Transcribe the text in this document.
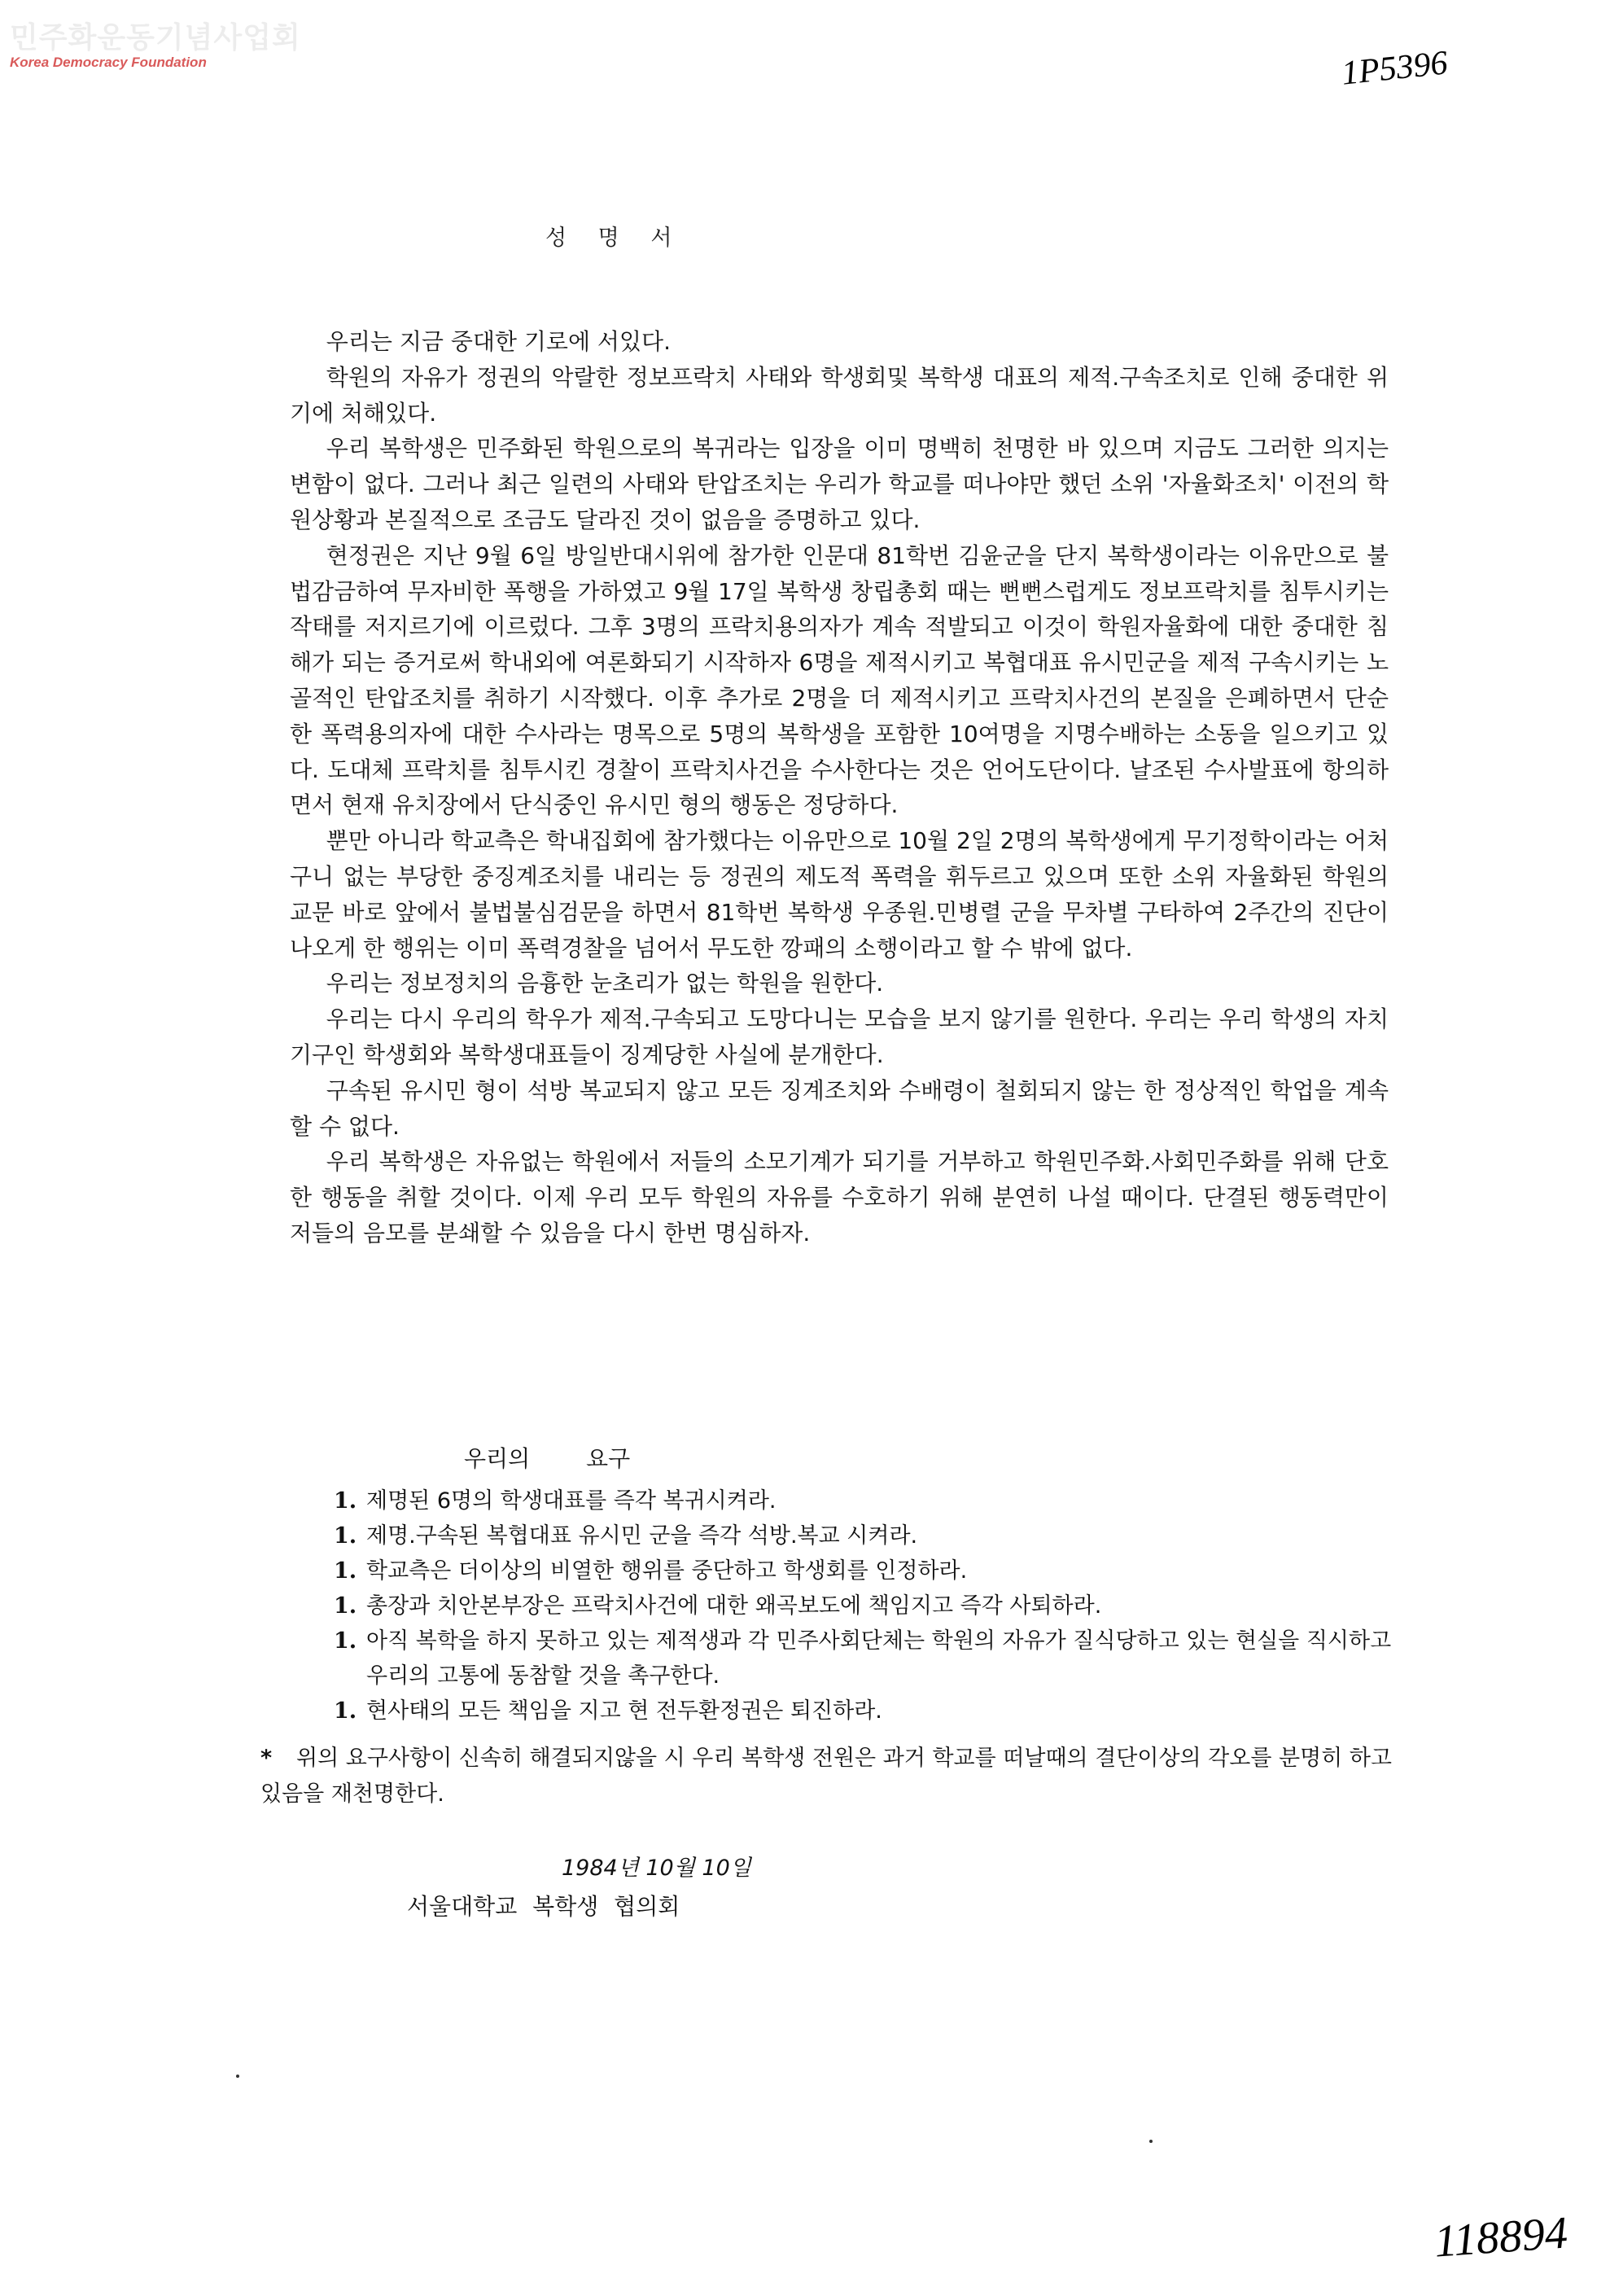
민주화운동기념사업회
Korea Democracy Foundation	1P5396
성 명 서

우리는 지금 중대한 기로에 서있다.

학원의 자유가 정권의 악랄한 정보프락치 사태와 학생회및 복학생 대표의 제적.구속조치로 인해 중대한 위기에 처해있다.

우리 복학생은 민주화된 학원으로의 복귀라는 입장을 이미 명백히 천명한 바 있으며 지금도 그러한 의지는 변함이 없다. 그러나 최근 일련의 사태와 탄압조치는 우리가 학교를 떠나야만 했던 소위 '자율화조치' 이전의 학원상황과 본질적으로 조금도 달라진 것이 없음을 증명하고 있다.

현정권은 지난 9월 6일 방일반대시위에 참가한 인문대 81학번 김윤군을 단지 복학생이라는 이유만으로 불법감금하여 무자비한 폭행을 가하였고 9월 17일 복학생 창립총회 때는 뻔뻔스럽게도 정보프락치를 침투시키는 작태를 저지르기에 이르렀다. 그후 3명의 프락치용의자가 계속 적발되고 이것이 학원자율화에 대한 중대한 침해가 되는 증거로써 학내외에 여론화되기 시작하자 6명을 제적시키고 복협대표 유시민군을 제적 구속시키는 노골적인 탄압조치를 취하기 시작했다. 이후 추가로 2명을 더 제적시키고 프락치사건의 본질을 은폐하면서 단순한 폭력용의자에 대한 수사라는 명목으로 5명의 복학생을 포함한 10여명을 지명수배하는 소동을 일으키고 있다. 도대체 프락치를 침투시킨 경찰이 프락치사건을 수사한다는 것은 언어도단이다. 날조된 수사발표에 항의하면서 현재 유치장에서 단식중인 유시민 형의 행동은 정당하다.

뿐만 아니라 학교측은 학내집회에 참가했다는 이유만으로 10월 2일 2명의 복학생에게 무기정학이라는 어처구니 없는 부당한 중징계조치를 내리는 등 정권의 제도적 폭력을 휘두르고 있으며 또한 소위 자율화된 학원의 교문 바로 앞에서 불법불심검문을 하면서 81학번 복학생 우종원.민병렬 군을 무차별 구타하여 2주간의 진단이 나오게 한 행위는 이미 폭력경찰을 넘어서 무도한 깡패의 소행이라고 할 수 밖에 없다.

우리는 정보정치의 음흉한 눈초리가 없는 학원을 원한다.

우리는 다시 우리의 학우가 제적.구속되고 도망다니는 모습을 보지 않기를 원한다. 우리는 우리 학생의 자치기구인 학생회와 복학생대표들이 징계당한 사실에 분개한다.

구속된 유시민 형이 석방 복교되지 않고 모든 징계조치와 수배령이 철회되지 않는 한 정상적인 학업을 계속할 수 없다.

우리 복학생은 자유없는 학원에서 저들의 소모기계가 되기를 거부하고 학원민주화.사회민주화를 위해 단호한 행동을 취할 것이다. 이제 우리 모두 학원의 자유를 수호하기 위해 분연히 나설 때이다. 단결된 행동력만이 저들의 음모를 분쇄할 수 있음을 다시 한번 명심하자.

우리의 요구
1. 제명된 6명의 학생대표를 즉각 복귀시켜라.
1. 제명.구속된 복협대표 유시민 군을 즉각 석방.복교 시켜라.
1. 학교측은 더이상의 비열한 행위를 중단하고 학생회를 인정하라.
1. 총장과 치안본부장은 프락치사건에 대한 왜곡보도에 책임지고 즉각 사퇴하라.
1. 아직 복학을 하지 못하고 있는 제적생과 각 민주사회단체는 학원의 자유가 질식당하고 있는 현실을 직시하고 우리의 고통에 동참할 것을 촉구한다.
1. 현사태의 모든 책임을 지고 현 전두환정권은 퇴진하라.
* 위의 요구사항이 신속히 해결되지않을 시 우리 복학생 전원은 과거 학교를 떠날때의 결단이상의 각오를 분명히 하고 있음을 재천명한다.
1984년 10월 10일
서울대학교 복학생 협의회
118894
